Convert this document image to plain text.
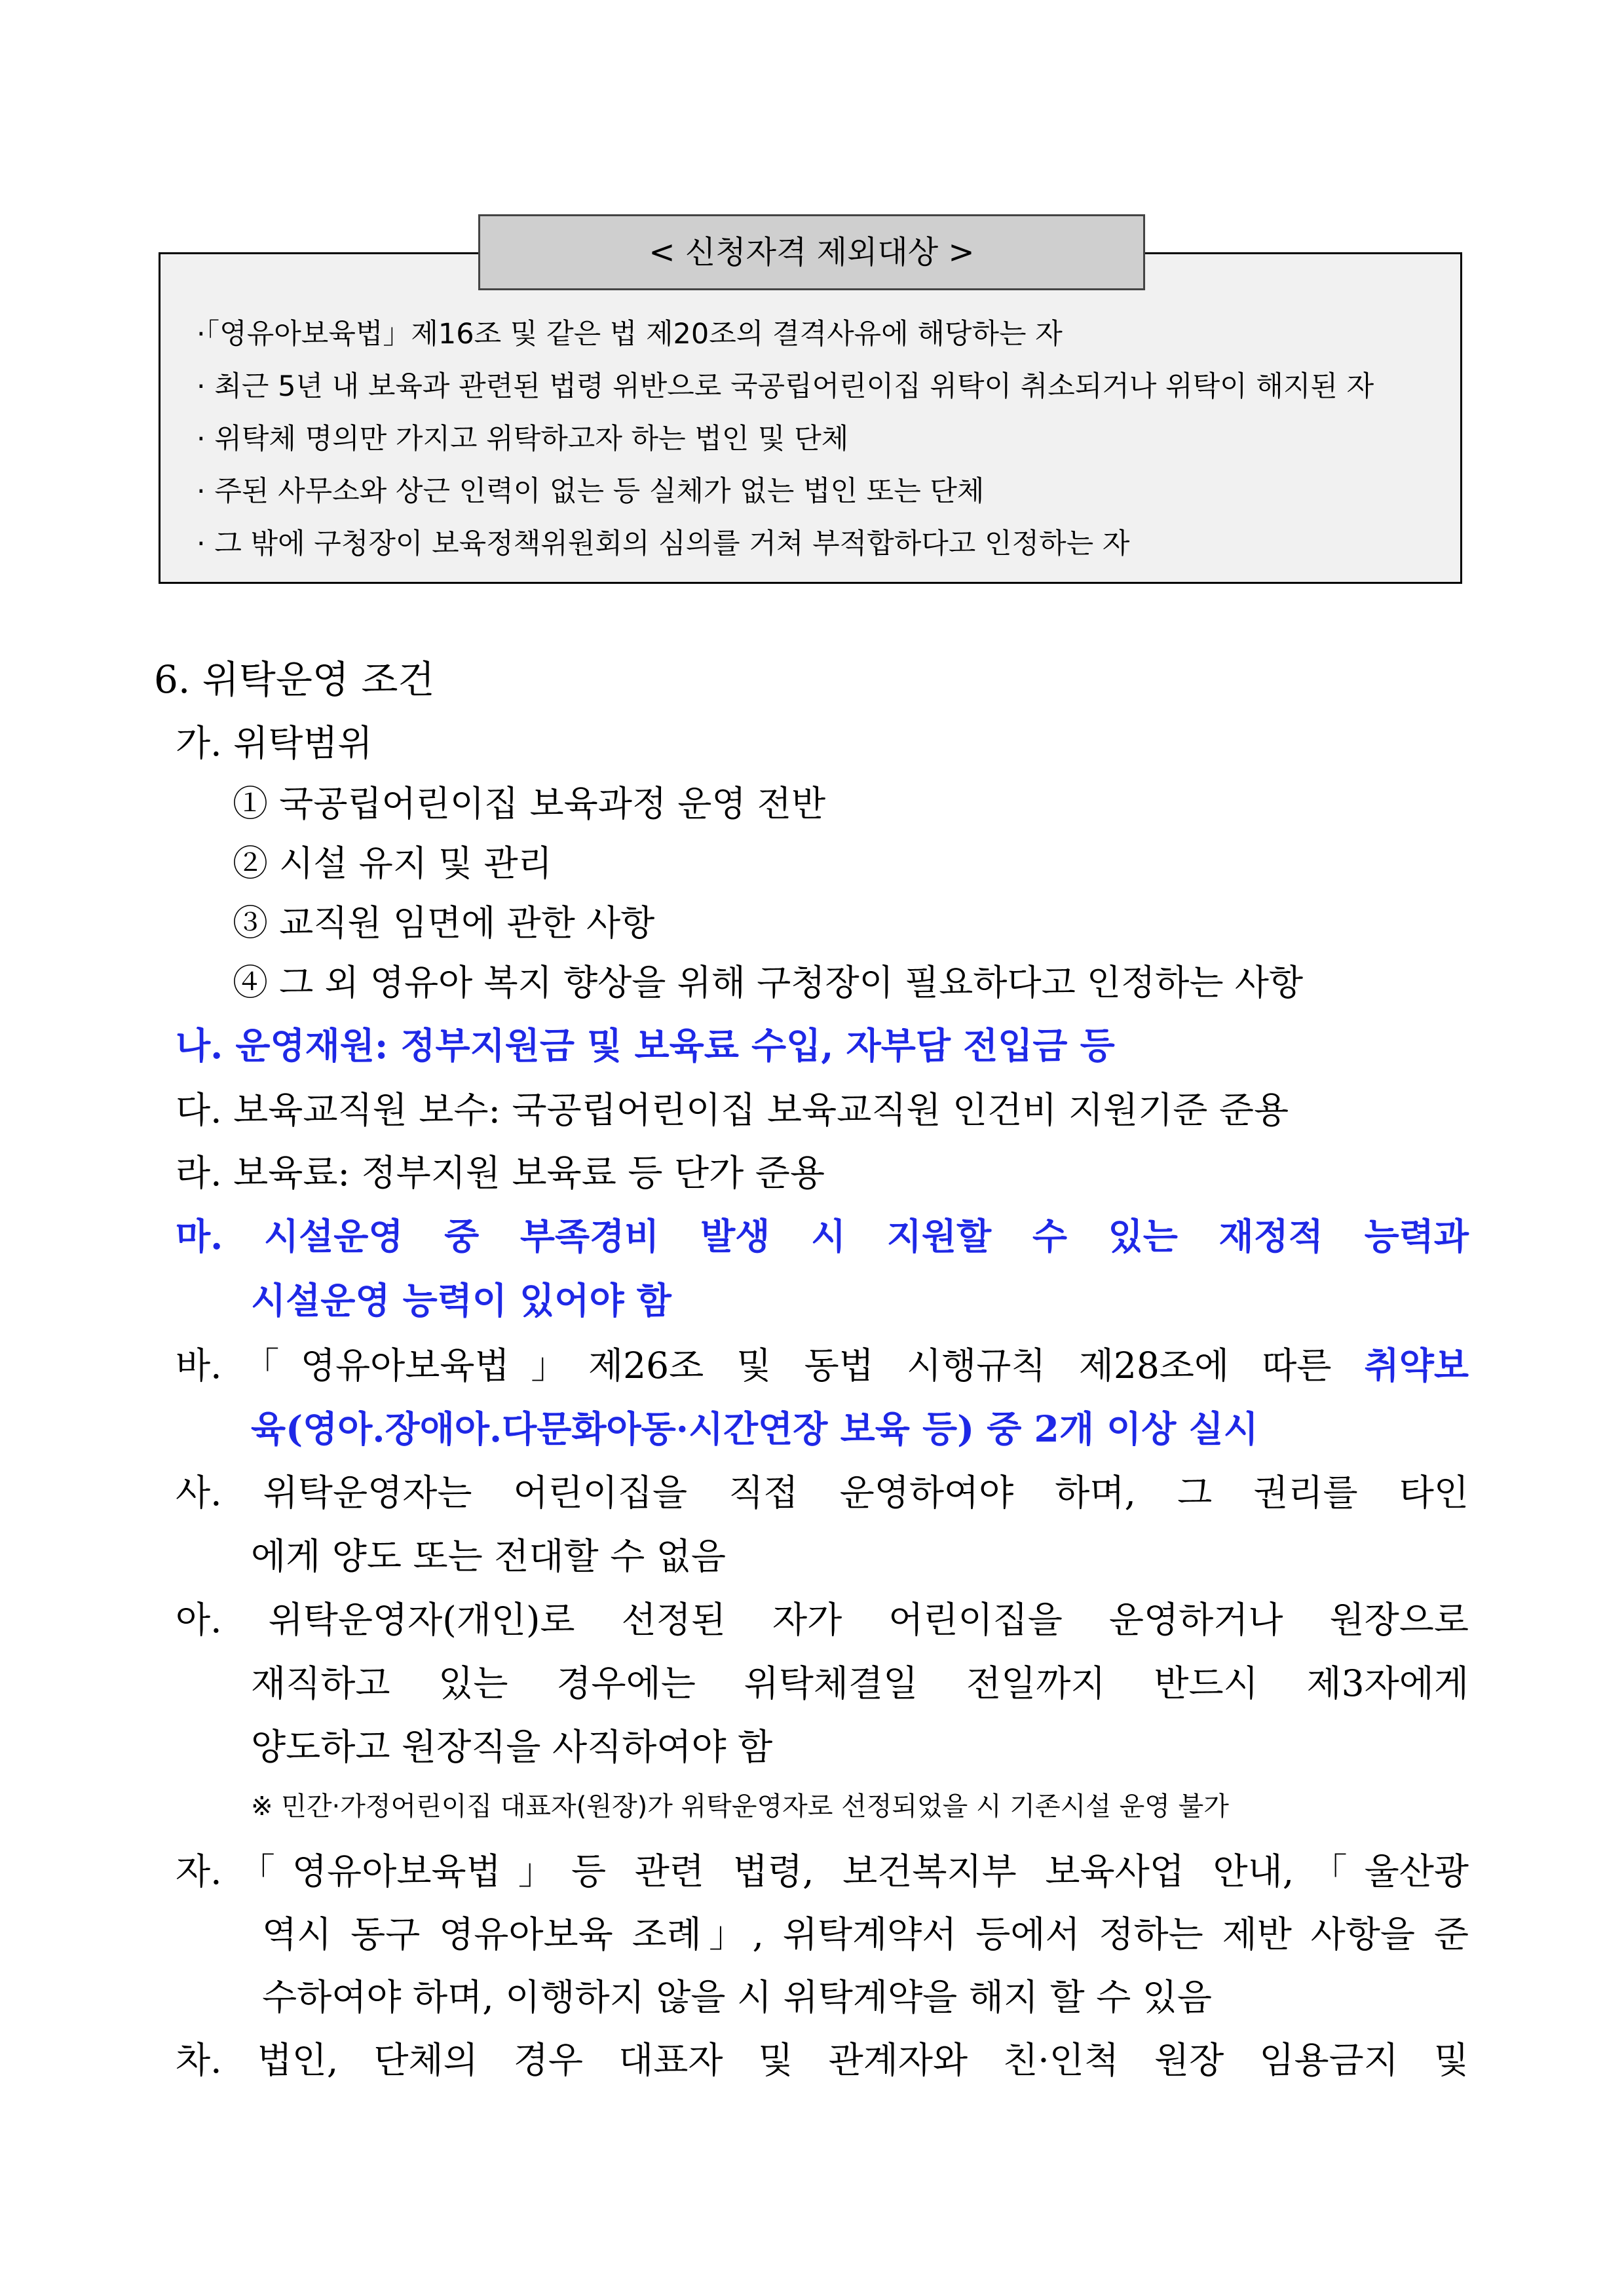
< 신청자격 제외대상 >
·「영유아보육법」제16조 및 같은 법 제20조의 결격사유에 해당하는 자
· 최근 5년 내 보육과 관련된 법령 위반으로 국공립어린이집 위탁이 취소되거나 위탁이 해지된 자
· 위탁체 명의만 가지고 위탁하고자 하는 법인 및 단체
· 주된 사무소와 상근 인력이 없는 등 실체가 없는 법인 또는 단체
· 그 밖에 구청장이 보육정책위원회의 심의를 거쳐 부적합하다고 인정하는 자
6. 위탁운영 조건
가. 위탁범위
① 국공립어린이집 보육과정 운영 전반
② 시설 유지 및 관리
③ 교직원 임면에 관한 사항
④ 그 외 영유아 복지 향상을 위해 구청장이 필요하다고 인정하는 사항
나. 운영재원: 정부지원금 및 보육료 수입, 자부담 전입금 등
다. 보육교직원 보수: 국공립어린이집 보육교직원 인건비 지원기준 준용
라. 보육료: 정부지원 보육료 등 단가 준용
마. 시설운영 중 부족경비 발생 시 지원할 수 있는 재정적 능력과
시설운영 능력이 있어야 함
바.「영유아보육법」제26조 및 동법 시행규칙 제28조에 따른 취약보
육(영아.장애아.다문화아동·시간연장 보육 등) 중 2개 이상 실시
사. 위탁운영자는 어린이집을 직접 운영하여야 하며, 그 권리를 타인
에게 양도 또는 전대할 수 없음
아. 위탁운영자(개인)로 선정된 자가 어린이집을 운영하거나 원장으로
재직하고 있는 경우에는 위탁체결일 전일까지 반드시 제3자에게
양도하고 원장직을 사직하여야 함
※ 민간·가정어린이집 대표자(원장)가 위탁운영자로 선정되었을 시 기존시설 운영 불가
자.「영유아보육법」등 관련 법령, 보건복지부 보육사업 안내,「울산광
역시 동구 영유아보육 조례」, 위탁계약서 등에서 정하는 제반 사항을 준
수하여야 하며, 이행하지 않을 시 위탁계약을 해지 할 수 있음
차. 법인, 단체의 경우 대표자 및 관계자와 친·인척 원장 임용금지 및
